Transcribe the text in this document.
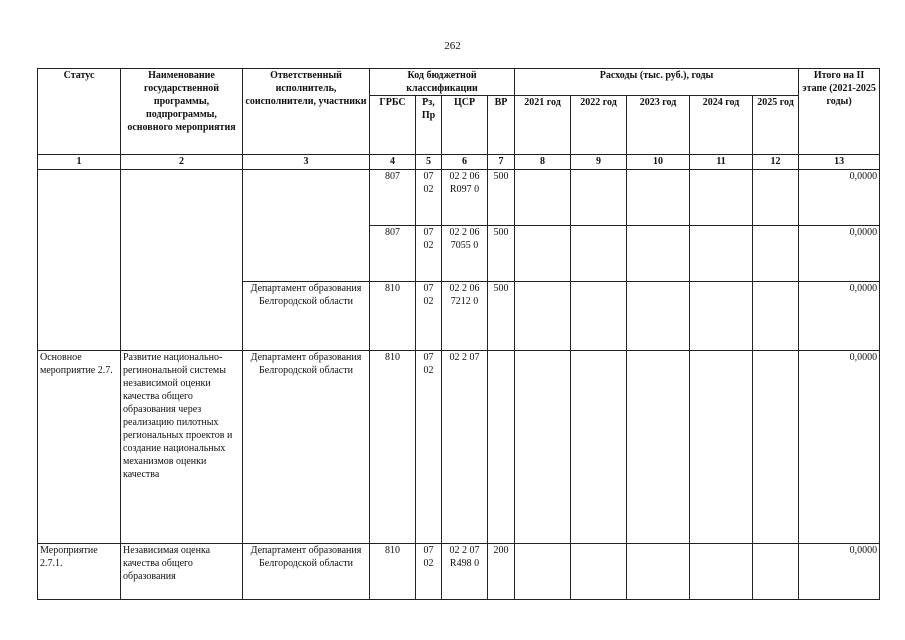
262
Статус	Наименование государственной программы, подпрограммы, основного мероприятия	Ответственный исполнитель, соисполнители, участники	Код бюджетной классификации				Расходы (тыс. руб.), годы					Итого на II этапе (2021-2025 годы)
			ГРБС	Рз, Пр	ЦСР	ВР	2021 год	2022 год	2023 год	2024 год	2025 год	
1	2	3	4	5	6	7	8	9	10	11	12	13
			807	07 02	02 2 06 R097 0	500						0,0000
			807	07 02	02 2 06 7055 0	500						0,0000
		Департамент образования Белгородской области	810	07 02	02 2 06 7212 0	500						0,0000
Основное мероприятие 2.7.	Развитие национально-регинональной системы независимой оценки качества общего образования через реализацию пилотных региональных проектов и создание национальных механизмов оценки качества	Департамент образования Белгородской области	810	07 02	02 2 07							0,0000
Мероприятие 2.7.1.	Независимая оценка качества общего образования	Департамент образования Белгородской области	810	07 02	02 2 07 R498 0	200						0,0000
